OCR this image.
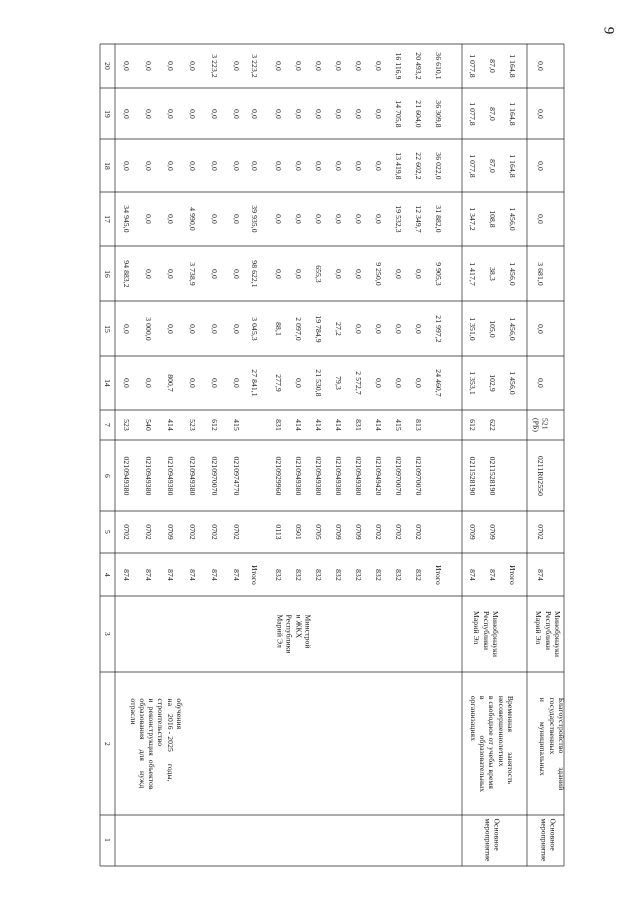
9
1
2
3
4
5
6
7
14
15
16
17
18
19
20
обучения
на    2016 - 2025      годы,
строительство
и  реконструкция  объектов
образования     для     нужд
отрасли
Минстрой
и ЖКХ
Республики
Марий Эл
874
0702
0210949380
523
0,0
0,0
94 883,2
34 945,0
0,0
0,0
0,0
874
0702
0210949380
540
0,0
3 000,0
0,0
0,0
0,0
0,0
0,0
874
0709
0210949380
414
800,7
0,0
0,0
0,0
0,0
0,0
0,0
874
0702
0210949380
523
0,0
0,0
3 738,9
4 990,0
0,0
0,0
0,0
874
0702
0210970070
612
0,0
0,0
0,0
0,0
0,0
0,0
3 223,2
874
0702
0210974770
415
0,0
0,0
0,0
0,0
0,0
0,0
0,0
Итого
27 841,1
3 045,3
98 622,1
39 935,0
0,0
0,0
3 223,2
832
0113
0210929960
831
277,9
88,1
0,0
0,0
0,0
0,0
0,0
832
0501
0210949380
414
0,0
2 097,0
0,0
0,0
0,0
0,0
0,0
832
0705
0210949380
414
21 530,8
19 784,9
655,3
0,0
0,0
0,0
0,0
832
0709
0210949380
414
79,3
27,2
0,0
0,0
0,0
0,0
0,0
832
0709
0210949380
831
2 572,7
0,0
0,0
0,0
0,0
0,0
0,0
832
0702
0210949420
414
0,0
0,0
9 250,0
0,0
0,0
0,0
0,0
832
0702
0210970070
415
0,0
0,0
0,0
19 532,3
13 419,8
14 705,8
16 116,9
832
0702
0210970070
813
0,0
0,0
0,0
12 349,7
22 602,2
21 604,0
20 493,2
Итого
24 460,7
21 997,2
9 905,3
31 882,0
36 022,0
36 309,8
36 610,1
Основное
мероприятие
Временная          занятость
несовершеннолетних
в свободное от учебы время
в                  образовательных
организациях
Минобрнауки
Республики
Марий Эл
874
0709
0211528190
612
1 353,1
1 351,0
1 417,7
1 347,2
1 077,8
1 077,8
1 077,8
874
0709
0211528190
622
102,9
105,0
38,3
108,8
87,0
87,0
87,0
Итого
1 456,0
1 456,0
1 456,0
1 456,0
1 164,8
1 164,8
1 164,8
Основное
мероприятие
Благоустройство       зданий
государственных
и          муниципальных
Минобрнауки
Республики
Марий Эл
874
0702
0211R02550
521
(РБ)
0,0
0,0
3 681,0
0,0
0,0
0,0
0,0
